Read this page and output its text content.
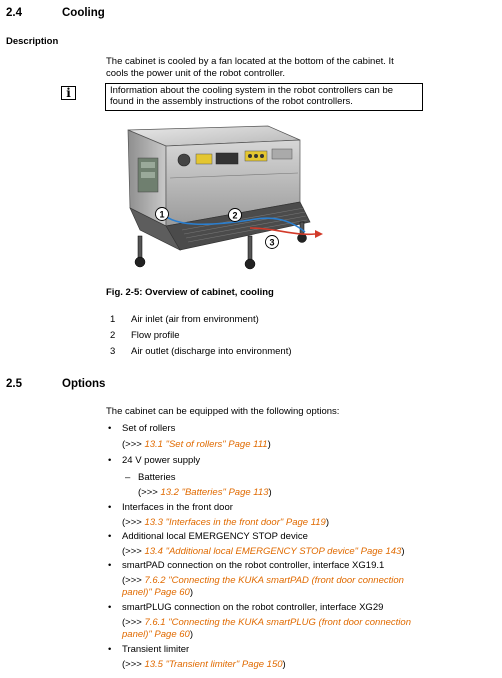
2.4	Cooling
Description
The cabinet is cooled by a fan located at the bottom of the cabinet. It
cools the power unit of the robot controller.
i	Information about the cooling system in the robot controllers can be
found in the assembly instructions of the robot controllers.
1	2
3
Fig. 2-5: Overview of cabinet, cooling
1	Air inlet (air from environment)
2	Flow profile
3	Air outlet (discharge into environment)
2.5	Options
The cabinet can be equipped with the following options:
• Set of rollers
(>>> 13.1 "Set of rollers" Page 111)
• 24 V power supply
– Batteries
(>>> 13.2 "Batteries" Page 113)
• Interfaces in the front door
(>>> 13.3 "Interfaces in the front door" Page 119)
• Additional local EMERGENCY STOP device
(>>> 13.4 "Additional local EMERGENCY STOP device" Page 143)
• smartPAD connection on the robot controller, interface XG19.1
(>>> 7.6.2 "Connecting the KUKA smartPAD (front door connection
panel)" Page 60)
• smartPLUG connection on the robot controller, interface XG29
(>>> 7.6.1 "Connecting the KUKA smartPLUG (front door connection
panel)" Page 60)
• Transient limiter
(>>> 13.5 "Transient limiter" Page 150)
